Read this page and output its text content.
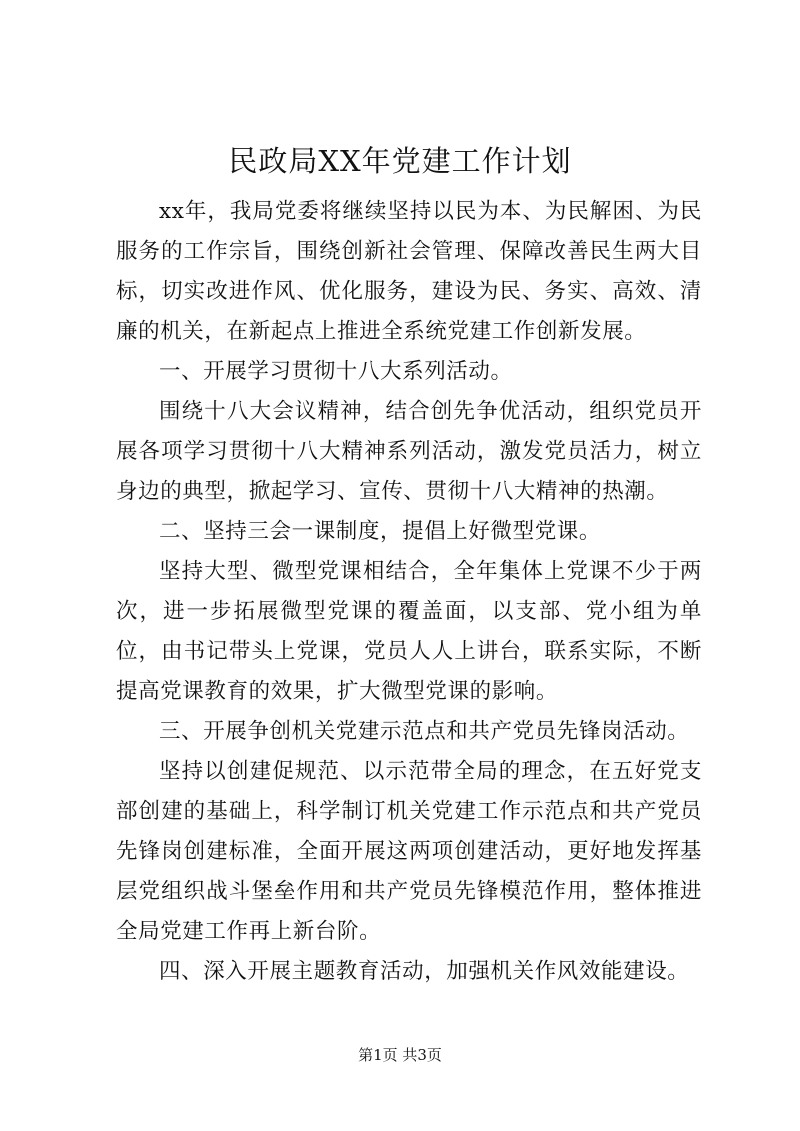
民政局XX年党建工作计划

xx年，我局党委将继续坚持以民为本、为民解困、为民服务的工作宗旨，围绕创新社会管理、保障改善民生两大目标，切实改进作风、优化服务，建设为民、务实、高效、清廉的机关，在新起点上推进全系统党建工作创新发展。

一、开展学习贯彻十八大系列活动。

围绕十八大会议精神，结合创先争优活动，组织党员开展各项学习贯彻十八大精神系列活动，激发党员活力，树立身边的典型，掀起学习、宣传、贯彻十八大精神的热潮。

二、坚持三会一课制度，提倡上好微型党课。

坚持大型、微型党课相结合，全年集体上党课不少于两次，进一步拓展微型党课的覆盖面，以支部、党小组为单位，由书记带头上党课，党员人人上讲台，联系实际，不断提高党课教育的效果，扩大微型党课的影响。

三、开展争创机关党建示范点和共产党员先锋岗活动。

坚持以创建促规范、以示范带全局的理念，在五好党支部创建的基础上，科学制订机关党建工作示范点和共产党员先锋岗创建标准，全面开展这两项创建活动，更好地发挥基层党组织战斗堡垒作用和共产党员先锋模范作用，整体推进全局党建工作再上新台阶。

四、深入开展主题教育活动，加强机关作风效能建设。

第1页 共3页
